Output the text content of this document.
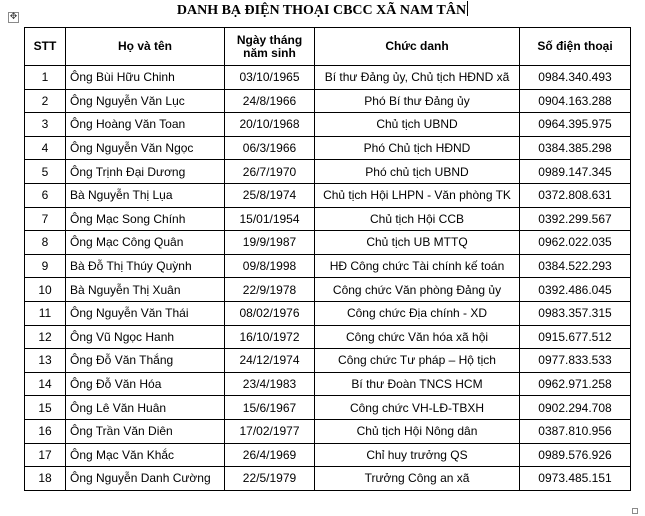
DANH BẠ ĐIỆN THOẠI CBCC XÃ NAM TÂN
✥
STT	Họ và tên	Ngày tháng năm sinh	Chức danh	Số điện thoại
1	Ông Bùi Hữu Chinh	03/10/1965	Bí thư Đảng ủy, Chủ tịch HĐND xã	0984.340.493
2	Ông Nguyễn Văn Lục	24/8/1966	Phó Bí thư Đảng ủy	0904.163.288
3	Ông Hoàng Văn Toan	20/10/1968	Chủ tịch UBND	0964.395.975
4	Ông Nguyễn Văn Ngọc	06/3/1966	Phó Chủ tịch HĐND	0384.385.298
5	Ông Trịnh Đại Dương	26/7/1970	Phó chủ tịch UBND	0989.147.345
6	Bà Nguyễn Thị Lụa	25/8/1974	Chủ tịch Hội LHPN - Văn phòng TK	0372.808.631
7	Ông Mạc Song Chính	15/01/1954	Chủ tịch Hội CCB	0392.299.567
8	Ông Mạc Công Quân	19/9/1987	Chủ tịch UB MTTQ	0962.022.035
9	Bà Đỗ Thị Thúy Quỳnh	09/8/1998	HĐ Công chức Tài chính kế toán	0384.522.293
10	Bà Nguyễn Thị Xuân	22/9/1978	Công chức Văn phòng Đảng ủy	0392.486.045
11	Ông Nguyễn Văn Thái	08/02/1976	Công chức Địa chính - XD	0983.357.315
12	Ông Vũ Ngọc Hanh	16/10/1972	Công chức Văn hóa xã hội	0915.677.512
13	Ông Đỗ Văn Thắng	24/12/1974	Công chức Tư pháp – Hộ tịch	0977.833.533
14	Ông Đỗ Văn Hóa	23/4/1983	Bí thư Đoàn TNCS HCM	0962.971.258
15	Ông Lê Văn Huân	15/6/1967	Công chức VH-LĐ-TBXH	0902.294.708
16	Ông Trần Văn Diên	17/02/1977	Chủ tịch Hội Nông dân	0387.810.956
17	Ông Mạc Văn Khắc	26/4/1969	Chỉ huy trưởng QS	0989.576.926
18	Ông Nguyễn Danh Cường	22/5/1979	Trưởng Công an xã	0973.485.151
